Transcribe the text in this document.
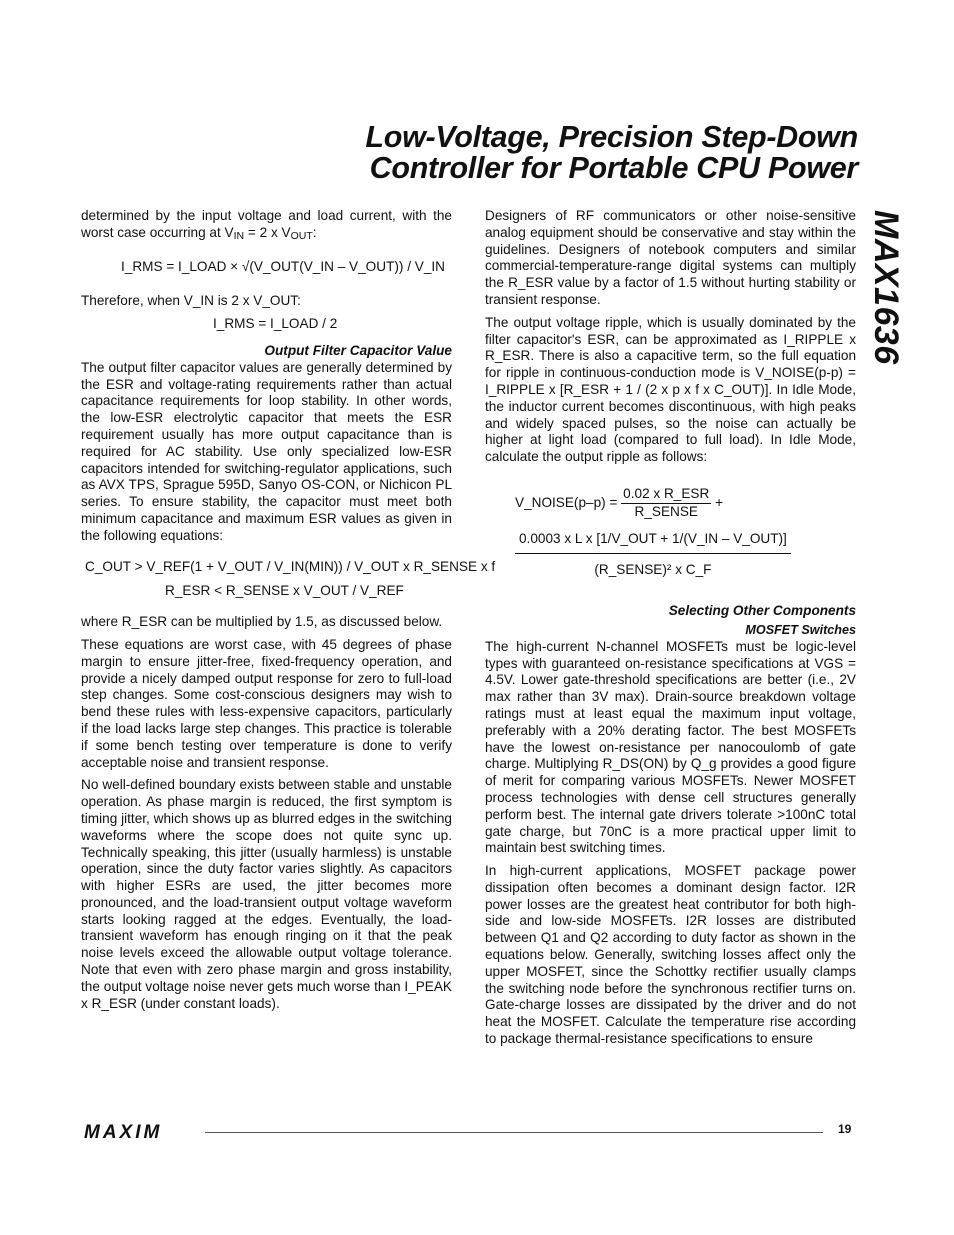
Low-Voltage, Precision Step-Down
Controller for Portable CPU Power
MAX1636

determined by the input voltage and load current, with the worst case occurring at $V_{IN} = 2$ x $V_{OUT}$:

I_RMS = I_LOAD × √(V_OUT(V_IN – V_OUT)) / V_IN

Therefore, when V_IN is 2 x V_OUT:

I_RMS = I_LOAD / 2
Output Filter Capacitor Value

The output filter capacitor values are generally determined by the ESR and voltage-rating requirements rather than actual capacitance requirements for loop stability. In other words, the low-ESR electrolytic capacitor that meets the ESR requirement usually has more output capacitance than is required for AC stability. Use only specialized low-ESR capacitors intended for switching-regulator applications, such as AVX TPS, Sprague 595D, Sanyo OS-CON, or Nichicon PL series. To ensure stability, the capacitor must meet both minimum capacitance and maximum ESR values as given in the following equations:

C_OUT > V_REF(1 + V_OUT / V_IN(MIN)) / V_OUT x R_SENSE x f
R_ESR < R_SENSE x V_OUT / V_REF

where R_ESR can be multiplied by 1.5, as discussed below.

These equations are worst case, with 45 degrees of phase margin to ensure jitter-free, fixed-frequency operation, and provide a nicely damped output response for zero to full-load step changes. Some cost-conscious designers may wish to bend these rules with less-expensive capacitors, particularly if the load lacks large step changes. This practice is tolerable if some bench testing over temperature is done to verify acceptable noise and transient response.

No well-defined boundary exists between stable and unstable operation. As phase margin is reduced, the first symptom is timing jitter, which shows up as blurred edges in the switching waveforms where the scope does not quite sync up. Technically speaking, this jitter (usually harmless) is unstable operation, since the duty factor varies slightly. As capacitors with higher ESRs are used, the jitter becomes more pronounced, and the load-transient output voltage waveform starts looking ragged at the edges. Eventually, the load-transient waveform has enough ringing on it that the peak noise levels exceed the allowable output voltage tolerance. Note that even with zero phase margin and gross instability, the output voltage noise never gets much worse than I_PEAK x R_ESR (under constant loads).

Designers of RF communicators or other noise-sensitive analog equipment should be conservative and stay within the guidelines. Designers of notebook computers and similar commercial-temperature-range digital systems can multiply the R_ESR value by a factor of 1.5 without hurting stability or transient response.

The output voltage ripple, which is usually dominated by the filter capacitor's ESR, can be approximated as I_RIPPLE x R_ESR. There is also a capacitive term, so the full equation for ripple in continuous-conduction mode is V_NOISE(p-p) = I_RIPPLE x [R_ESR + 1 / (2 x p x f x C_OUT)]. In Idle Mode, the inductor current becomes discontinuous, with high peaks and widely spaced pulses, so the noise can actually be higher at light load (compared to full load). In Idle Mode, calculate the output ripple as follows:

V_NOISE(p–p) = $\frac{\text{0.02 x R\_ESR}}{\text{R\_SENSE}}$ +
$\frac{\text{0.0003 x L x [1/V\_OUT + 1/(V\_IN – V\_OUT)]}}{\text{(R\_SENSE)² x C\_F}}$
Selecting Other Components
MOSFET Switches

The high-current N-channel MOSFETs must be logic-level types with guaranteed on-resistance specifications at VGS = 4.5V. Lower gate-threshold specifications are better (i.e., 2V max rather than 3V max). Drain-source breakdown voltage ratings must at least equal the maximum input voltage, preferably with a 20% derating factor. The best MOSFETs have the lowest on-resistance per nanocoulomb of gate charge. Multiplying R_DS(ON) by Q_g provides a good figure of merit for comparing various MOSFETs. Newer MOSFET process technologies with dense cell structures generally perform best. The internal gate drivers tolerate >100nC total gate charge, but 70nC is a more practical upper limit to maintain best switching times.

In high-current applications, MOSFET package power dissipation often becomes a dominant design factor. I2R power losses are the greatest heat contributor for both high-side and low-side MOSFETs. I2R losses are distributed between Q1 and Q2 according to duty factor as shown in the equations below. Generally, switching losses affect only the upper MOSFET, since the Schottky rectifier usually clamps the switching node before the synchronous rectifier turns on. Gate-charge losses are dissipated by the driver and do not heat the MOSFET. Calculate the temperature rise according to package thermal-resistance specifications to ensure

MAXIM	19
